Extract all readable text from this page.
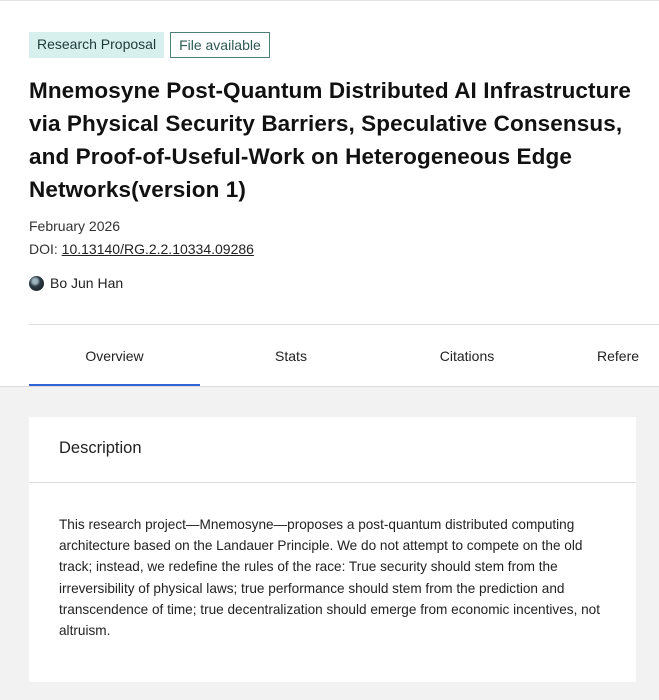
Research Proposal	File available
Mnemosyne Post-Quantum Distributed AI Infrastructure via Physical Security Barriers, Speculative Consensus, and Proof-of-Useful-Work on Heterogeneous Edge Networks(version 1)
February 2026
DOI: 10.13140/RG.2.2.10334.09286
Bo Jun Han
Overview	Stats	Citations	Refere
Description

This research project—Mnemosyne—proposes a post-quantum distributed computing architecture based on the Landauer Principle. We do not attempt to compete on the old track; instead, we redefine the rules of the race: True security should stem from the irreversibility of physical laws; true performance should stem from the prediction and transcendence of time; true decentralization should emerge from economic incentives, not altruism.
